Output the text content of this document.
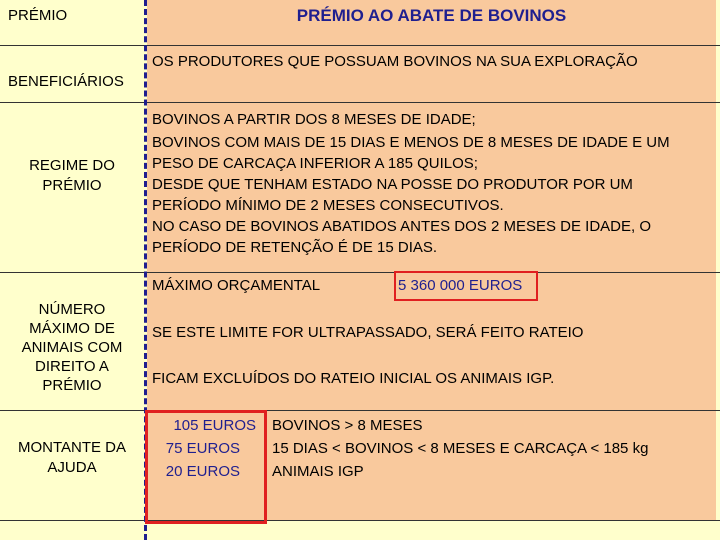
PRÉMIO	PRÉMIO AO ABATE DE BOVINOS
OS PRODUTORES QUE POSSUAM BOVINOS NA SUA EXPLORAÇÃO
BENEFICIÁRIOS
REGIME DO
PRÉMIO
BOVINOS A PARTIR DOS 8 MESES DE IDADE;
BOVINOS COM MAIS DE 15 DIAS E MENOS DE 8 MESES DE IDADE E UM
PESO DE CARCAÇA INFERIOR A 185 QUILOS;
DESDE QUE TENHAM ESTADO NA POSSE DO PRODUTOR POR UM
PERÍODO MÍNIMO DE 2 MESES CONSECUTIVOS.
NO CASO DE BOVINOS ABATIDOS ANTES DOS 2 MESES DE IDADE, O
PERÍODO DE RETENÇÃO É DE 15 DIAS.
NÚMERO
MÁXIMO DE
ANIMAIS COM
DIREITO A
PRÉMIO
MÁXIMO ORÇAMENTAL	5 360 000 EUROS
SE ESTE LIMITE FOR ULTRAPASSADO, SERÁ FEITO RATEIO
FICAM EXCLUÍDOS DO RATEIO INICIAL OS ANIMAIS IGP.
MONTANTE DA
AJUDA
105 EUROS
75 EUROS
20 EUROS
BOVINOS > 8 MESES
15 DIAS < BOVINOS < 8 MESES E CARCAÇA < 185 kg
ANIMAIS IGP
